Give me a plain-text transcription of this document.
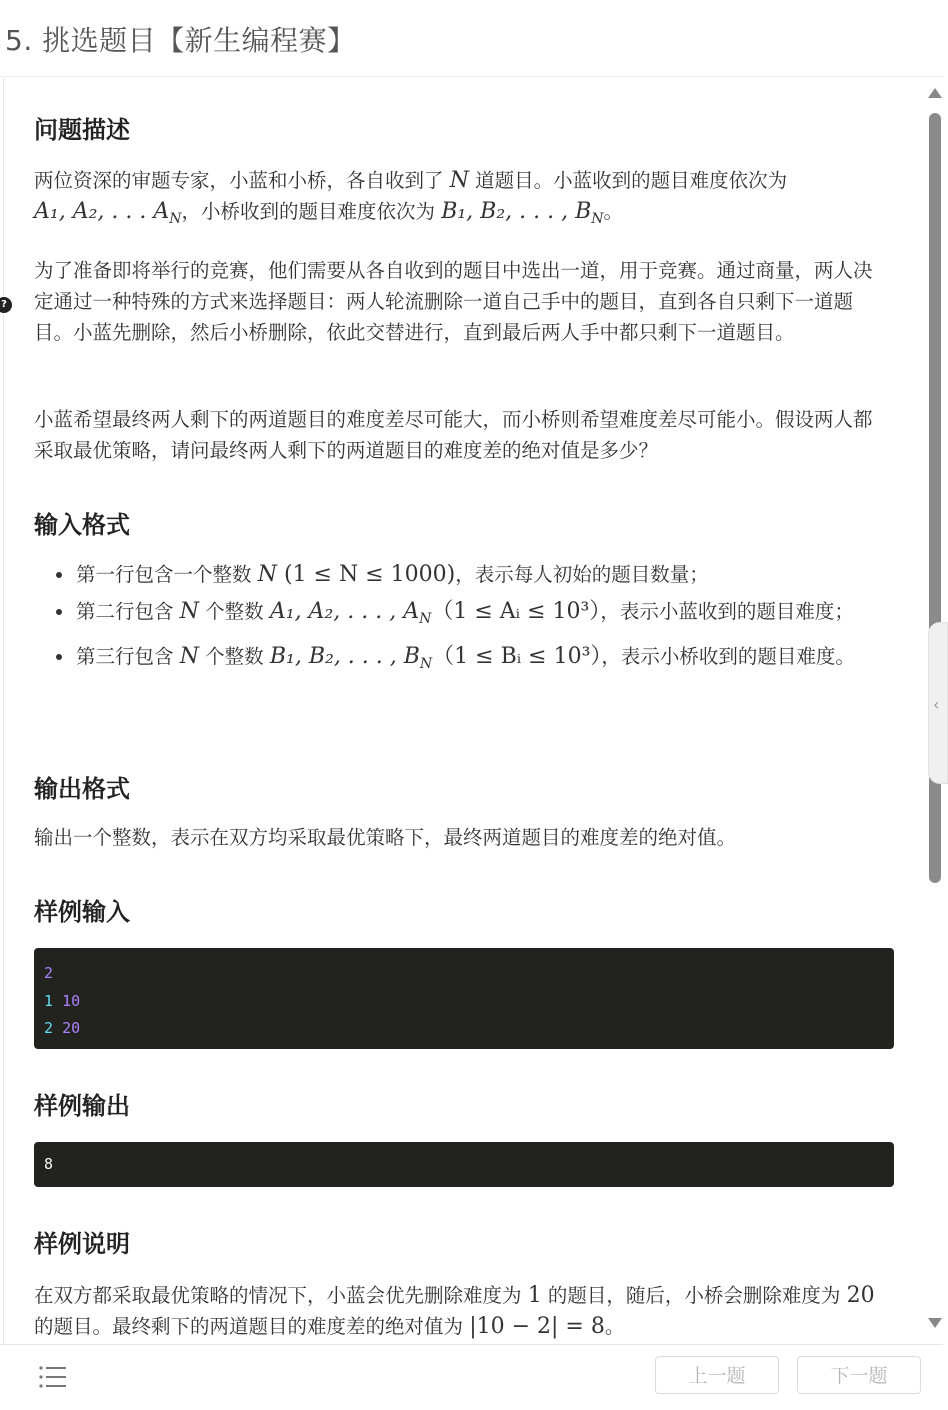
5. 挑选题目【新生编程赛】
?
问题描述

两位资深的审题专家，小蓝和小桥，各自收到了 N 道题目。小蓝收到的题目难度依次为
A₁, A₂, . . . $A_N$，小桥收到的题目难度依次为 B₁, B₂, . . . , $B_N$。

为了准备即将举行的竞赛，他们需要从各自收到的题目中选出一道，用于竞赛。通过商量，两人决定通过一种特殊的方式来选择题目：两人轮流删除一道自己手中的题目，直到各自只剩下一道题目。小蓝先删除，然后小桥删除，依此交替进行，直到最后两人手中都只剩下一道题目。

小蓝希望最终两人剩下的两道题目的难度差尽可能大，而小桥则希望难度差尽可能小。假设两人都采取最优策略，请问最终两人剩下的两道题目的难度差的绝对值是多少？

输入格式
第一行包含一个整数 N (1 ≤ N ≤ 1000)，表示每人初始的题目数量；
第二行包含 N 个整数 A₁, A₂, . . . , $A_N(1$ ≤ Aᵢ ≤ 10³），表示小蓝收到的题目难度；
第三行包含 N 个整数 B₁, B₂, . . . , $B_N(1$ ≤ Bᵢ ≤ 10³），表示小桥收到的题目难度。
输出格式

输出一个整数，表示在双方均采取最优策略下，最终两道题目的难度差的绝对值。

样例输入
2
1 10
2 20
样例输出
8
样例说明

在双方都采取最优策略的情况下，小蓝会优先删除难度为 1 的题目，随后，小桥会删除难度为 20 的题目。最终剩下的两道题目的难度差的绝对值为 |10 − 2| = 8。

‹
上一题	下一题
